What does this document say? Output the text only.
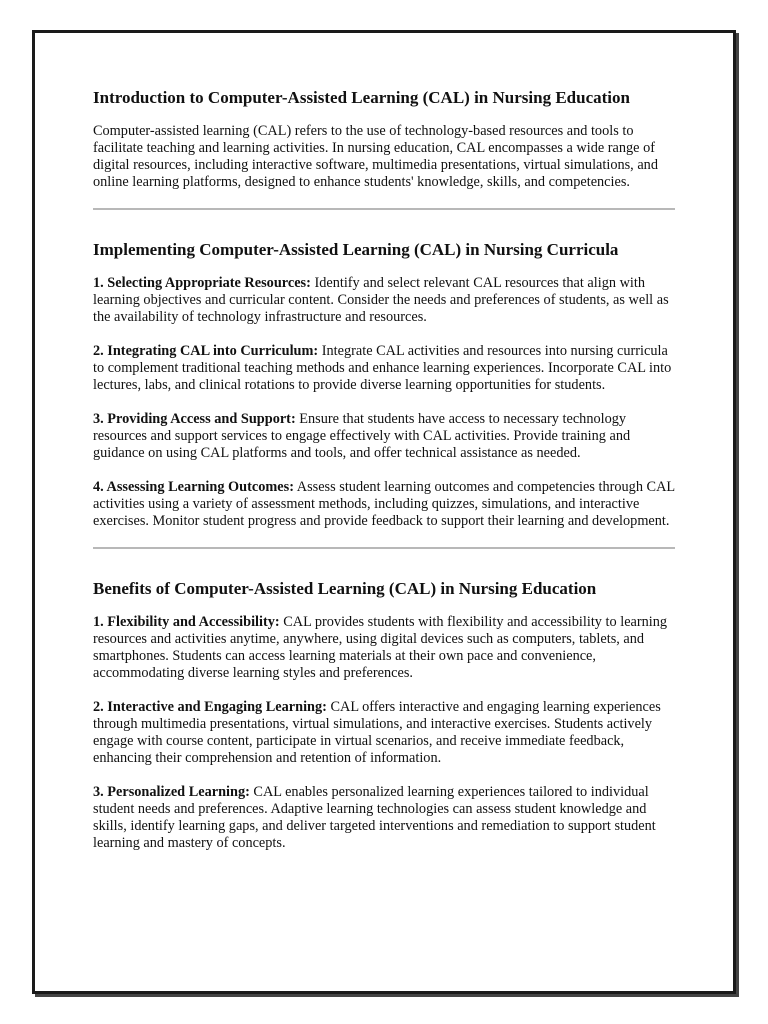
Introduction to Computer-Assisted Learning (CAL) in Nursing Education

Computer-assisted learning (CAL) refers to the use of technology-based resources and tools to facilitate teaching and learning activities. In nursing education, CAL encompasses a wide range of digital resources, including interactive software, multimedia presentations, virtual simulations, and online learning platforms, designed to enhance students' knowledge, skills, and competencies.

Implementing Computer-Assisted Learning (CAL) in Nursing Curricula

1. Selecting Appropriate Resources: Identify and select relevant CAL resources that align with learning objectives and curricular content. Consider the needs and preferences of students, as well as the availability of technology infrastructure and resources.

2. Integrating CAL into Curriculum: Integrate CAL activities and resources into nursing curricula to complement traditional teaching methods and enhance learning experiences. Incorporate CAL into lectures, labs, and clinical rotations to provide diverse learning opportunities for students.

3. Providing Access and Support: Ensure that students have access to necessary technology resources and support services to engage effectively with CAL activities. Provide training and guidance on using CAL platforms and tools, and offer technical assistance as needed.

4. Assessing Learning Outcomes: Assess student learning outcomes and competencies through CAL activities using a variety of assessment methods, including quizzes, simulations, and interactive exercises. Monitor student progress and provide feedback to support their learning and development.

Benefits of Computer-Assisted Learning (CAL) in Nursing Education

1. Flexibility and Accessibility: CAL provides students with flexibility and accessibility to learning resources and activities anytime, anywhere, using digital devices such as computers, tablets, and smartphones. Students can access learning materials at their own pace and convenience, accommodating diverse learning styles and preferences.

2. Interactive and Engaging Learning: CAL offers interactive and engaging learning experiences through multimedia presentations, virtual simulations, and interactive exercises. Students actively engage with course content, participate in virtual scenarios, and receive immediate feedback, enhancing their comprehension and retention of information.

3. Personalized Learning: CAL enables personalized learning experiences tailored to individual student needs and preferences. Adaptive learning technologies can assess student knowledge and skills, identify learning gaps, and deliver targeted interventions and remediation to support student learning and mastery of concepts.
